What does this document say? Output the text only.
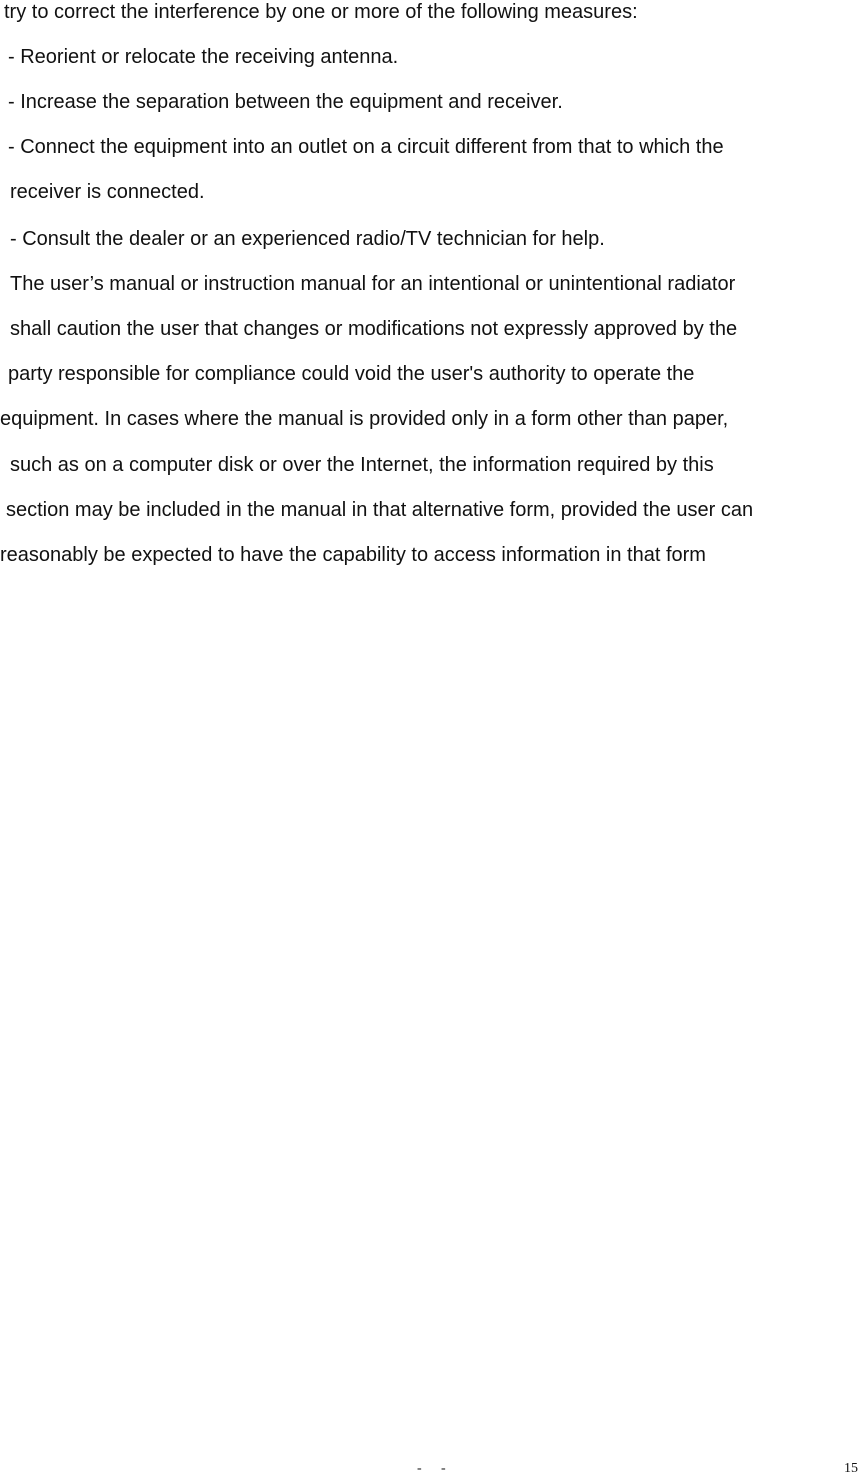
try to correct the interference by one or more of the following measures:
- Reorient or relocate the receiving antenna.
- Increase the separation between the equipment and receiver.
- Connect the equipment into an outlet on a circuit different from that to which the
receiver is connected.
- Consult the dealer or an experienced radio/TV technician for help.
The user’s manual or instruction manual for an intentional or unintentional radiator
shall caution the user that changes or modifications not expressly approved by the
party responsible for compliance could void the user's authority to operate the
equipment. In cases where the manual is provided only in a form other than paper,
such as on a computer disk or over the Internet, the information required by this
section may be included in the manual in that alternative form, provided the user can
reasonably be expected to have the capability to access information in that form
- -	15
